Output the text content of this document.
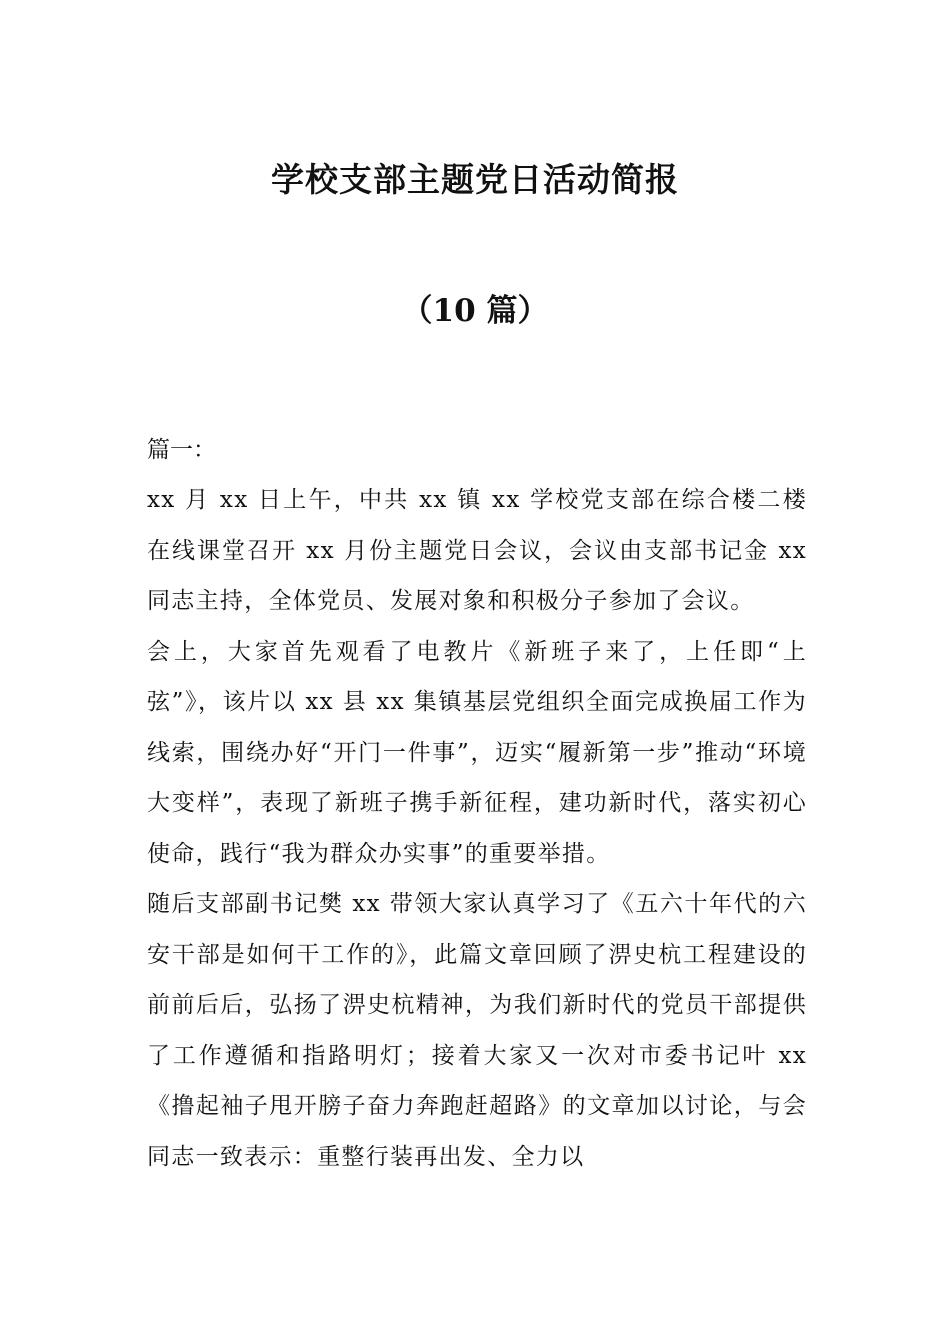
学校支部主题党日活动简报
（10 篇）

篇一：

xx 月 xx 日上午，中共 xx 镇 xx 学校党支部在综合楼二楼在线课堂召开 xx 月份主题党日会议，会议由支部书记金 xx 同志主持，全体党员、发展对象和积极分子参加了会议。

会上，大家首先观看了电教片《新班子来了，上任即“上弦”》，该片以 xx 县 xx 集镇基层党组织全面完成换届工作为线索，围绕办好“开门一件事”，迈实“履新第一步”推动“环境大变样”，表现了新班子携手新征程，建功新时代，落实初心使命，践行“我为群众办实事”的重要举措。

随后支部副书记樊 xx 带领大家认真学习了《五六十年代的六安干部是如何干工作的》，此篇文章回顾了淠史杭工程建设的前前后后，弘扬了淠史杭精神，为我们新时代的党员干部提供了工作遵循和指路明灯；接着大家又一次对市委书记叶 xx《撸起袖子甩开膀子奋力奔跑赶超路》的文章加以讨论，与会同志一致表示：重整行装再出发、全力以
